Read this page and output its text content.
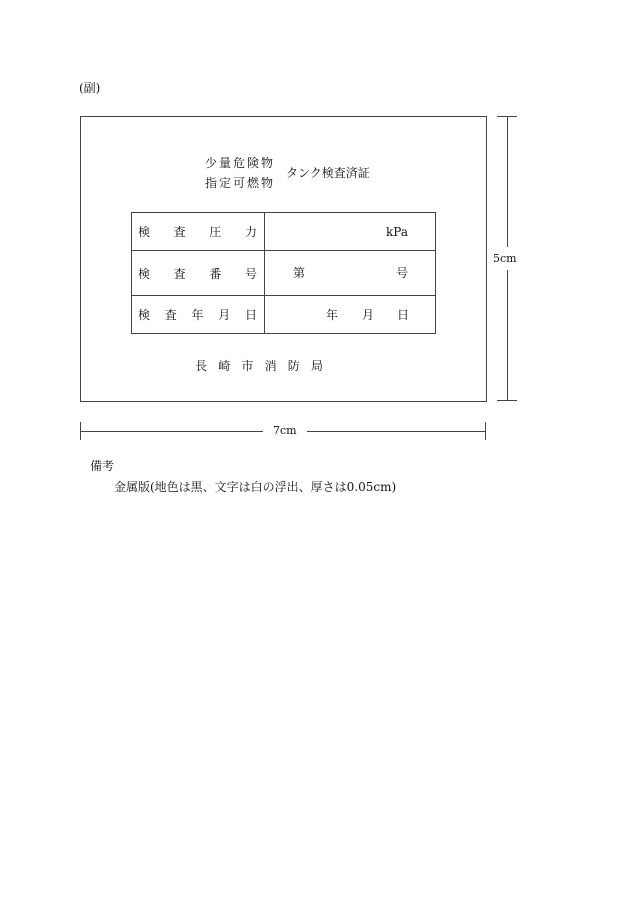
(副)
少量危険物
指定可燃物
タンク検査済証
検 査 圧 力	kPa

検 査 番 号	第 号

検 査 年 月 日	年 月 日
長 崎 市 消 防 局
5cm
7cm
備考
金属版(地色は黒、文字は白の浮出、厚さは0.05cm)
